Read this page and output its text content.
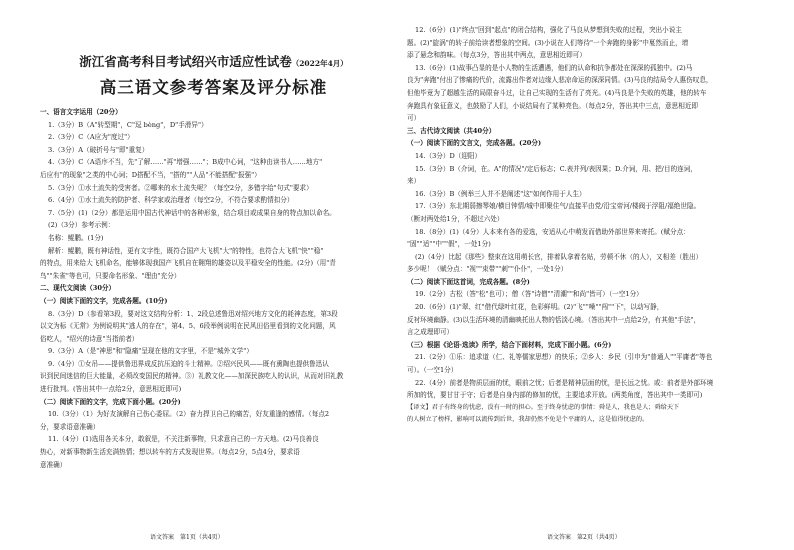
浙江省高考科目考试绍兴市适应性试卷（2022年4月）
高三语文参考答案及评分标准
一、语言文字运用（20分）
1.（3分）B（A"转型期"，C"逗 bèng"，D"手滑异"）
2.（3分）C（A应为"度过"）
3.（3分）A（破折号与"即"重复）
4.（3分）C（A语序不当，先"了解……"再"增强……"；B成中心词，"这种由读书人……地方"
后应有"的现象"之类的中心词；D搭配不当，"搭的""人品"不能搭配"报强"）
5.（3分）①水土流失的受害者。②哪来的水土流失呢？（每空2分，多错字给"句式"要求）
6.（4分）①水土流失的防护者、科学家或治理者（每空2分，不符合要求酌情扣分）
7.（5分）(1)（2分）都是运用中国古代神话中的各种形象，结合项目或成果自身的特点加以命名。
(2)（3分）参考示例：
名称：鲲鹏。(1分)
解析：鲲鹏，既有神话性，更有文字性，既符合国产大飞机"大"的特性，也符合大飞机"快""稳"
的特点，用来给大飞机命名，能够体现我国产飞机自在翱翔的雄姿以及平稳安全的性能。(2分)（用"青
鸟""朱雀"等也可，只要命名形象、"理由"充分）
二、现代文阅读（30分）
（一）阅读下面的文字，完成各题。(10分)
8.（3分）D（参看第3段，要对这文结构分析：1、2段总述鲁迅对绍兴地方文化的耗神态度，第3段
以文为标《无常》为例说明其"逃人的存在"，第4、5、6段举例说明在民风田俗里看到的文化问题，风
俗吃人，"绍兴的诗意"当指前者）
9.（3分）A（是"神思"和"隐痛"呈现在他的文字里，不是"城外文学"）
9.（4分）①女吊——提供鲁迅界成反抗压迫的斗士精神。②绍兴民风——既有熏陶也提供鲁迅认
识到民间迷信的巨大能量，必须改变国民的精神。③）礼教文化——加深民族吃人的认识，从而对旧礼教
进行批判。(答出其中一点给2分，意思相近即可)
（二）阅读下面的文字，完成下面小题。(20分)
10.（3分）（1）为好友演解自己伤心委屈。（2）奋力捍卫自己的痛苦，好友重逢的感情。（每点2
分，要求语意准确）
11.（4分）(1)选用各关本分，敢叙是，不关注新事物，只求意自己的一方天地。(2)马良善良
热心，对新事物新生活充满热情；想以转车的方式发现世界。（每点2分，5点4分，要求语
意准确）
语文答案　第1页（共4页）
12.（6分）(1)"终点"回到"起点"的闭合结构，强化了马良从梦想到失败的过程，突出小说主
题。(2)"旋涡"的转子前给读者想象的空间。(3)小说在人们等待"一个奔跑的身影"中戛然而止，增
添了悬念和韵味。（每点3分，答出其中两点，意思相近即可）
13.（6分）(1)故事凸显的是小人物的生活遭遇，他们的认命和抗争都处在深深的孤独中。(2)马
良为"奔跑"付出了惨痛的代价，流露出作者对边缘人悲凉命运的深深同情。(3)马良的结局令人惠伤叹息，
但他毕竟为了超越生活的局限奋斗过，让自己实现的生活有了亮光。(4)马良是个失败的英雄，他的转车
奔跑具有象征意义，也鼓励了人们，小说结局有了某种亮色。（每点2分，答出其中三点，意思相近即
可）
三、古代诗文阅读（共40分）
（一）阅读下面的文言文，完成各题。(20分)
14.（3分）D（迎阳）
15.（3分）B（介词，在。A"的情况"/定后标志；C.表并列/表因果；D.介词，用、把/目的连词，
来）
16.（3分）B（例举三人并不是阐述"这"如何作用于人生）
17.（3分）东北期弱擦琴娘/横目钟情/城中即聚住气/直接平由党/沿宝帝河/楼阀于浮阻/福绝世隐。
（断对两处给1分，不超过六处）
18.（8分）(1)（4分）人本来有各的爱选，安适从心中萌发而借助外部世界来寄托。(赋分点：
"固""适""中""假"，一处1分)
(2)（4分）比起《那些》整束在这用萌长官，排着队拿着名贴，劳顿不休（的人），又相差（胜出）
多少呢！（赋分点："视""束带""刺""仆仆"，一处1分）
（二）阅读下面这首词，完成各题。(8分)
19.（2分）古松（答"松"也可）；僧（答"诗僧""清潮""和尚"皆可）（一空1分）
20.（6分）(1)"翠、红"借代绿叶红花，色彩鲜明。(2)"飞""噪""闯""下"，以动写静，
反衬环境幽静。(3)以生活环境的清幽映托出人物的恬淡心境。（答出其中一点给2分，有其他"手法"，
言之成理即可）
（三）根据《论语·选读》所学，结合下面材料，完成下面小题。(6分)
21.（2分）①乐：追求道（仁、礼等儒家思想）的快乐；②乡人：乡民（引申为"普通人""平庸者"等也
可）。（一空1分）
22.（4分）前者是物质层面的忧，眼前之忧；后者是精神层面的忧，是长远之忧。或：前者是外部环境
所加的忧，要甘甘于守；后者是自身内部的修加的忧，主要追求开放。(两类角度，答出其中一类即可)
【译文】君子有终身的忧虑，没有一时的担心。至于终身忧虑的事情：舜是人，我也是人；舜给天下
的人树立了榜样，影响可以流传到后世，我却仍然不免是个平庸的人，这是值得忧虑的。
语文答案　第2页（共4页）
